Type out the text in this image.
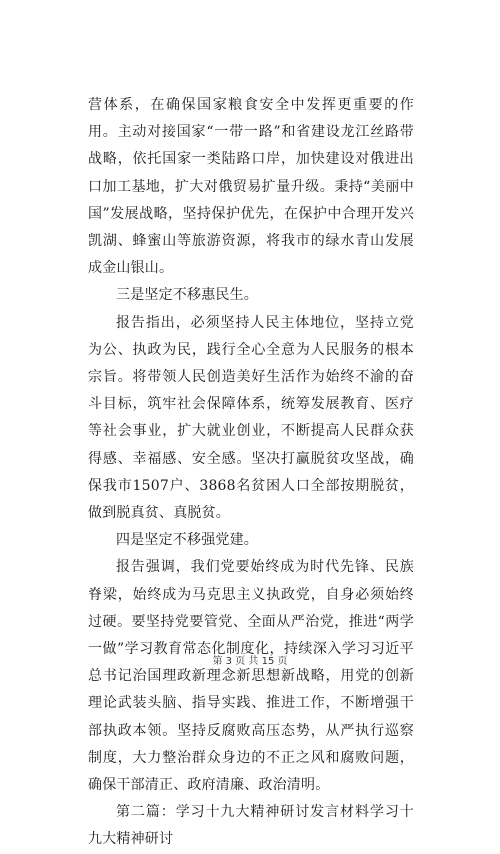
营体系，在确保国家粮食安全中发挥更重要的作用。主动对接国家“一带一路”和省建设龙江丝路带战略，依托国家一类陆路口岸，加快建设对俄进出口加工基地，扩大对俄贸易扩量升级。秉持“美丽中国”发展战略，坚持保护优先，在保护中合理开发兴凯湖、蜂蜜山等旅游资源，将我市的绿水青山发展成金山银山。

三是坚定不移惠民生。

报告指出，必须坚持人民主体地位，坚持立党为公、执政为民，践行全心全意为人民服务的根本宗旨。将带领人民创造美好生活作为始终不渝的奋斗目标，筑牢社会保障体系，统筹发展教育、医疗等社会事业，扩大就业创业，不断提高人民群众获得感、幸福感、安全感。坚决打赢脱贫攻坚战，确保我市1507户、3868名贫困人口全部按期脱贫，做到脱真贫、真脱贫。

四是坚定不移强党建。

报告强调，我们党要始终成为时代先锋、民族脊梁，始终成为马克思主义执政党，自身必须始终过硬。要坚持党要管党、全面从严治党，推进“两学一做”学习教育常态化制度化，持续深入学习习近平总书记治国理政新理念新思想新战略，用党的创新理论武装头脑、指导实践、推进工作，不断增强干部执政本领。坚持反腐败高压态势，从严执行巡察制度，大力整治群众身边的不正之风和腐败问题，确保干部清正、政府清廉、政治清明。

第二篇：学习十九大精神研讨发言材料学习十九大精神研讨

第 3 页 共 15 页
